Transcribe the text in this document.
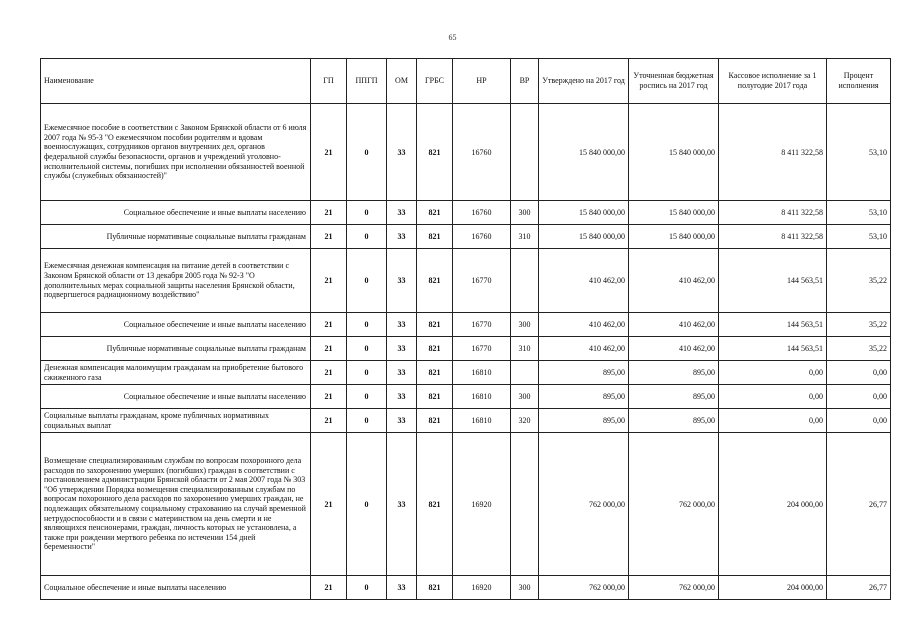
65
Наименование	ГП	ППГП	ОМ	ГРБС	НР	ВР	Утверждено на 2017 год	Уточненная бюджетная роспись на 2017 год	Кассовое исполнение за 1 полугодие 2017 года	Процент исполнения
Ежемесячное пособие в соответствии с Законом Брянской области от 6 июля 2007 года № 95-З "О ежемесячном пособии родителям и вдовам военнослужащих, сотрудников органов внутренних дел, органов федеральной службы безопасности, органов и учреждений уголовно-исполнительной системы, погибших при исполнении обязанностей военной службы (служебных обязанностей)"	21	0	33	821	16760		15 840 000,00	15 840 000,00	8 411 322,58	53,10
Социальное обеспечение и иные выплаты населению	21	0	33	821	16760	300	15 840 000,00	15 840 000,00	8 411 322,58	53,10
Публичные нормативные социальные выплаты гражданам	21	0	33	821	16760	310	15 840 000,00	15 840 000,00	8 411 322,58	53,10
Ежемесячная денежная компенсация на питание детей в соответствии с Законом Брянской области от 13 декабря 2005 года № 92-З "О дополнительных мерах социальной защиты населения Брянской области, подвергшегося радиационному воздействию"	21	0	33	821	16770		410 462,00	410 462,00	144 563,51	35,22
Социальное обеспечение и иные выплаты населению	21	0	33	821	16770	300	410 462,00	410 462,00	144 563,51	35,22
Публичные нормативные социальные выплаты гражданам	21	0	33	821	16770	310	410 462,00	410 462,00	144 563,51	35,22
Денежная компенсация малоимущим гражданам на приобретение бытового сжиженного газа	21	0	33	821	16810		895,00	895,00	0,00	0,00
Социальное обеспечение и иные выплаты населению	21	0	33	821	16810	300	895,00	895,00	0,00	0,00
Социальные выплаты гражданам, кроме публичных нормативных социальных выплат	21	0	33	821	16810	320	895,00	895,00	0,00	0,00
Возмещение специализированным службам по вопросам похоронного дела расходов по захоронению умерших (погибших) граждан в соответствии с постановлением администрации Брянской области от 2 мая 2007 года № 303 "Об утверждении Порядка возмещения специализированным службам по вопросам похоронного дела расходов по захоронению умерших граждан, не подлежащих обязательному социальному страхованию на случай временной нетрудоспособности и в связи с материнством на день смерти и не являющихся пенсионерами, граждан, личность которых не установлена, а также при рождении мертвого ребенка по истечении 154 дней беременности"	21	0	33	821	16920		762 000,00	762 000,00	204 000,00	26,77
Социальное обеспечение и иные выплаты населению	21	0	33	821	16920	300	762 000,00	762 000,00	204 000,00	26,77
